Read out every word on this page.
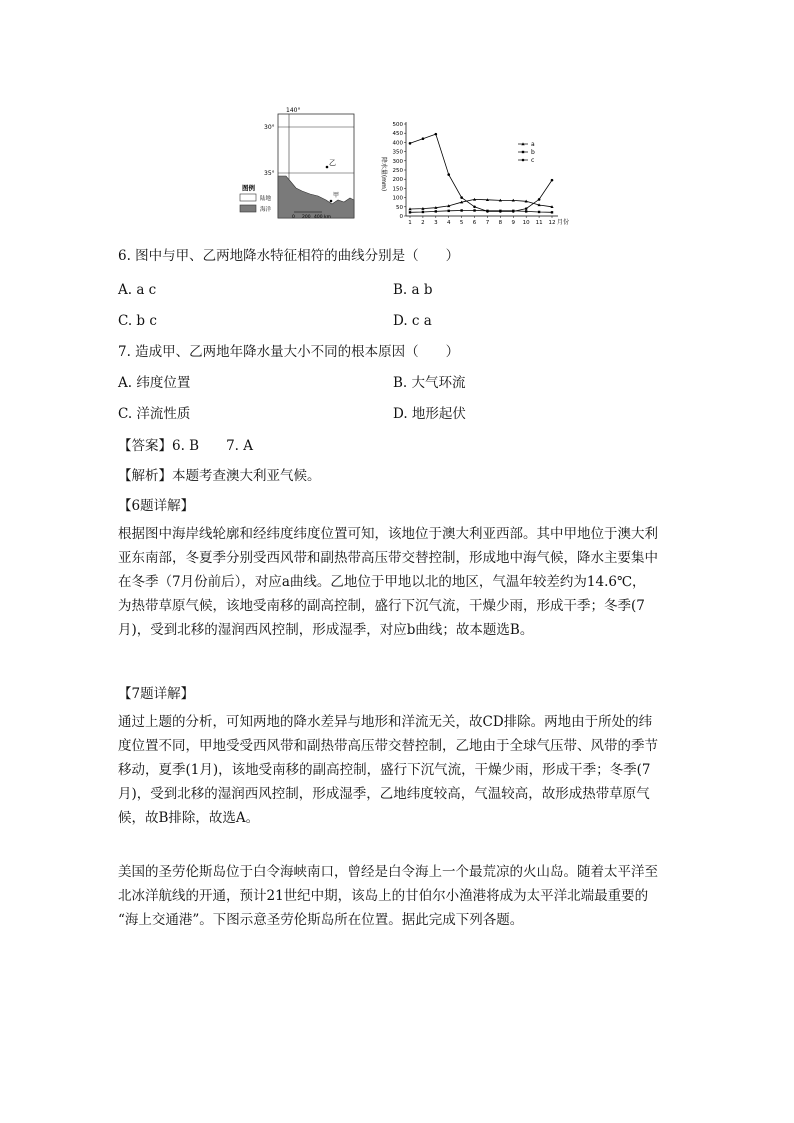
140°
30°
35°
乙
甲
图例
陆地
海洋
0 200 400 km
降水量(mm)
月份
0
50
100
150
200
250
300
350
400
450
500
1 2 3 4 5 6 7 8 9 10 11 12
a
b
c
6. 图中与甲、乙两地降水特征相符的曲线分别是（　　）
A. a c	B. a b
C. b c	D. c a
7. 造成甲、乙两地年降水量大小不同的根本原因（　　）
A. 纬度位置	B. 大气环流
C. 洋流性质	D. 地形起伏
【答案】6. B　　7. A
【解析】本题考查澳大利亚气候。
【6题详解】
根据图中海岸线轮廓和经纬度纬度位置可知，该地位于澳大利亚西部。其中甲地位于澳大利
亚东南部，冬夏季分别受西风带和副热带高压带交替控制，形成地中海气候，降水主要集中
在冬季（7月份前后），对应a曲线。乙地位于甲地以北的地区，气温年较差约为14.6℃，
为热带草原气候，该地受南移的副高控制，盛行下沉气流，干燥少雨，形成干季；冬季(7
月)，受到北移的湿润西风控制，形成湿季，对应b曲线；故本题选B。
【7题详解】
通过上题的分析，可知两地的降水差异与地形和洋流无关，故CD排除。两地由于所处的纬
度位置不同，甲地受受西风带和副热带高压带交替控制，乙地由于全球气压带、风带的季节
移动，夏季(1月)，该地受南移的副高控制，盛行下沉气流，干燥少雨，形成干季；冬季(7
月)，受到北移的湿润西风控制，形成湿季，乙地纬度较高，气温较高，故形成热带草原气
候，故B排除，故选A。
美国的圣劳伦斯岛位于白令海峡南口，曾经是白令海上一个最荒凉的火山岛。随着太平洋至
北冰洋航线的开通，预计21世纪中期，该岛上的甘伯尔小渔港将成为太平洋北端最重要的
“海上交通港”。下图示意圣劳伦斯岛所在位置。据此完成下列各题。
